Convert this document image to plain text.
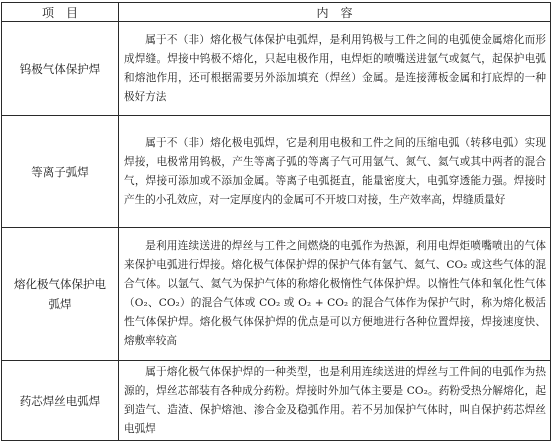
项　目	内　容
钨极气体保护焊	属于不（非）熔化极气体保护电弧焊，是利用钨极与工件之间的电弧使金属熔化而形成焊缝。焊接中钨极不熔化，只起电极作用，电焊炬的喷嘴送进氩气或氦气，起保护电弧和熔池作用，还可根据需要另外添加填充（焊丝）金属。是连接薄板金属和打底焊的一种极好方法

等离子弧焊	属于不（非）熔化极电弧焊，它是利用电极和工件之间的压缩电弧（转移电弧）实现焊接，电极常用钨极，产生等离子弧的等离子气可用氩气、氮气、氦气或其中两者的混合气，焊接可添加或不添加金属。等离子电弧挺直，能量密度大，电弧穿透能力强。焊接时产生的小孔效应，对一定厚度内的金属可不开坡口对接，生产效率高，焊缝质量好

熔化极气体保护电弧焊	是利用连续送进的焊丝与工件之间燃烧的电弧作为热源，利用电焊炬喷嘴喷出的气体来保护电弧进行焊接。熔化极气体保护焊的保护气体有氩气、氦气、CO₂ 或这些气体的混合气体。以氩气、氦气为保护气体的称熔化极惰性气体保护焊。以惰性气体和氧化性气体（O₂、CO₂）的混合气体或 CO₂ 或 O₂ + CO₂ 的混合气体作为保护气时，称为熔化极活性气体保护焊。熔化极气体保护焊的优点是可以方便地进行各种位置焊接，焊接速度快、熔敷率较高

药芯焊丝电弧焊	属于熔化极气体保护焊的一种类型，也是利用连续送进的焊丝与工件间的电弧作为热源的，焊丝芯部装有各种成分药粉。焊接时外加气体主要是 CO₂。药粉受热分解熔化，起到造气、造渣、保护熔池、渗合金及稳弧作用。若不另加保护气体时，叫自保护药芯焊丝电弧焊
